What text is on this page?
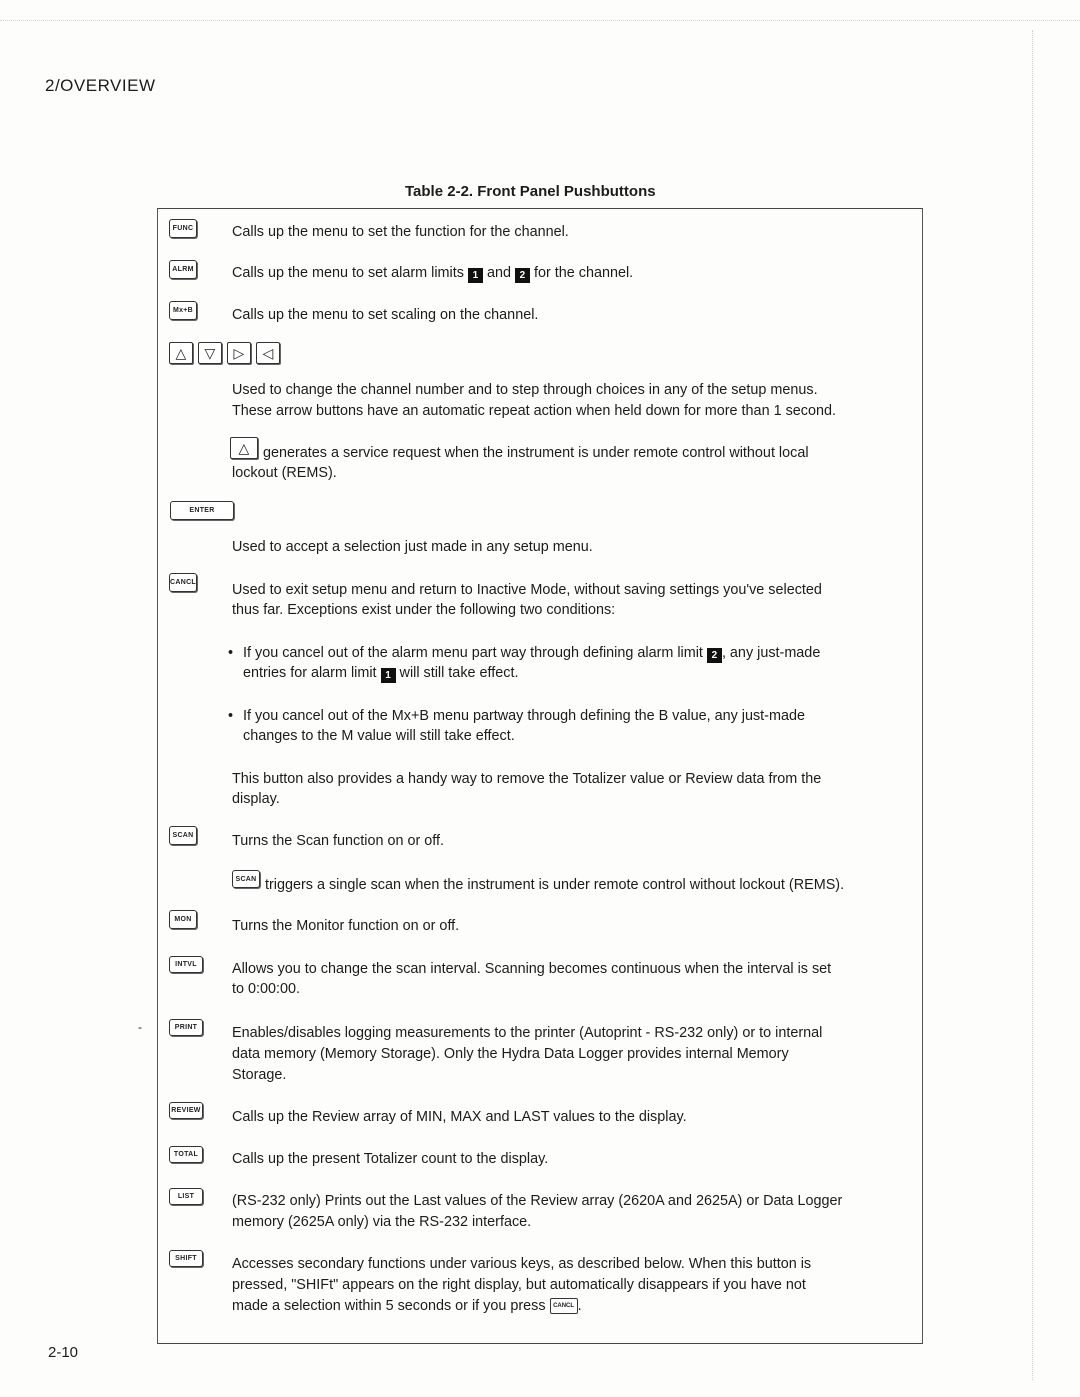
2/OVERVIEW
Table 2-2. Front Panel Pushbuttons
FUNC	Calls up the menu to set the function for the channel.
ALRM	Calls up the menu to set alarm limits 1 and 2 for the channel.
Mx+B	Calls up the menu to set scaling on the channel.
△	▽	▷	◁
Used to change the channel number and to step through choices in any of the setup menus.
These arrow buttons have an automatic repeat action when held down for more than 1 second.
△ generates a service request when the instrument is under remote control without local
lockout (REMS).
ENTER
Used to accept a selection just made in any setup menu.
CANCL	Used to exit setup menu and return to Inactive Mode, without saving settings you've selected
thus far. Exceptions exist under the following two conditions:
• If you cancel out of the alarm menu part way through defining alarm limit 2 , any just-made
entries for alarm limit 1 will still take effect.
• If you cancel out of the Mx+B menu partway through defining the B value, any just-made
changes to the M value will still take effect.
This button also provides a handy way to remove the Totalizer value or Review data from the
display.
SCAN	Turns the Scan function on or off.
SCAN triggers a single scan when the instrument is under remote control without lockout (REMS).
MON	Turns the Monitor function on or off.
INTVL	Allows you to change the scan interval. Scanning becomes continuous when the interval is set
to 0:00:00.
-	PRINT	Enables/disables logging measurements to the printer (Autoprint - RS-232 only) or to internal
data memory (Memory Storage). Only the Hydra Data Logger provides internal Memory
Storage.
REVIEW Calls up the Review array of MIN, MAX and LAST values to the display.
TOTAL	Calls up the present Totalizer count to the display.
LIST	(RS-232 only) Prints out the Last values of the Review array (2620A and 2625A) or Data Logger
memory (2625A only) via the RS-232 interface.
SHIFT	Accesses secondary functions under various keys, as described below. When this button is
pressed, "SHIFt" appears on the right display, but automatically disappears if you have not
made a selection within 5 seconds or if you press CANCL .
2-10
